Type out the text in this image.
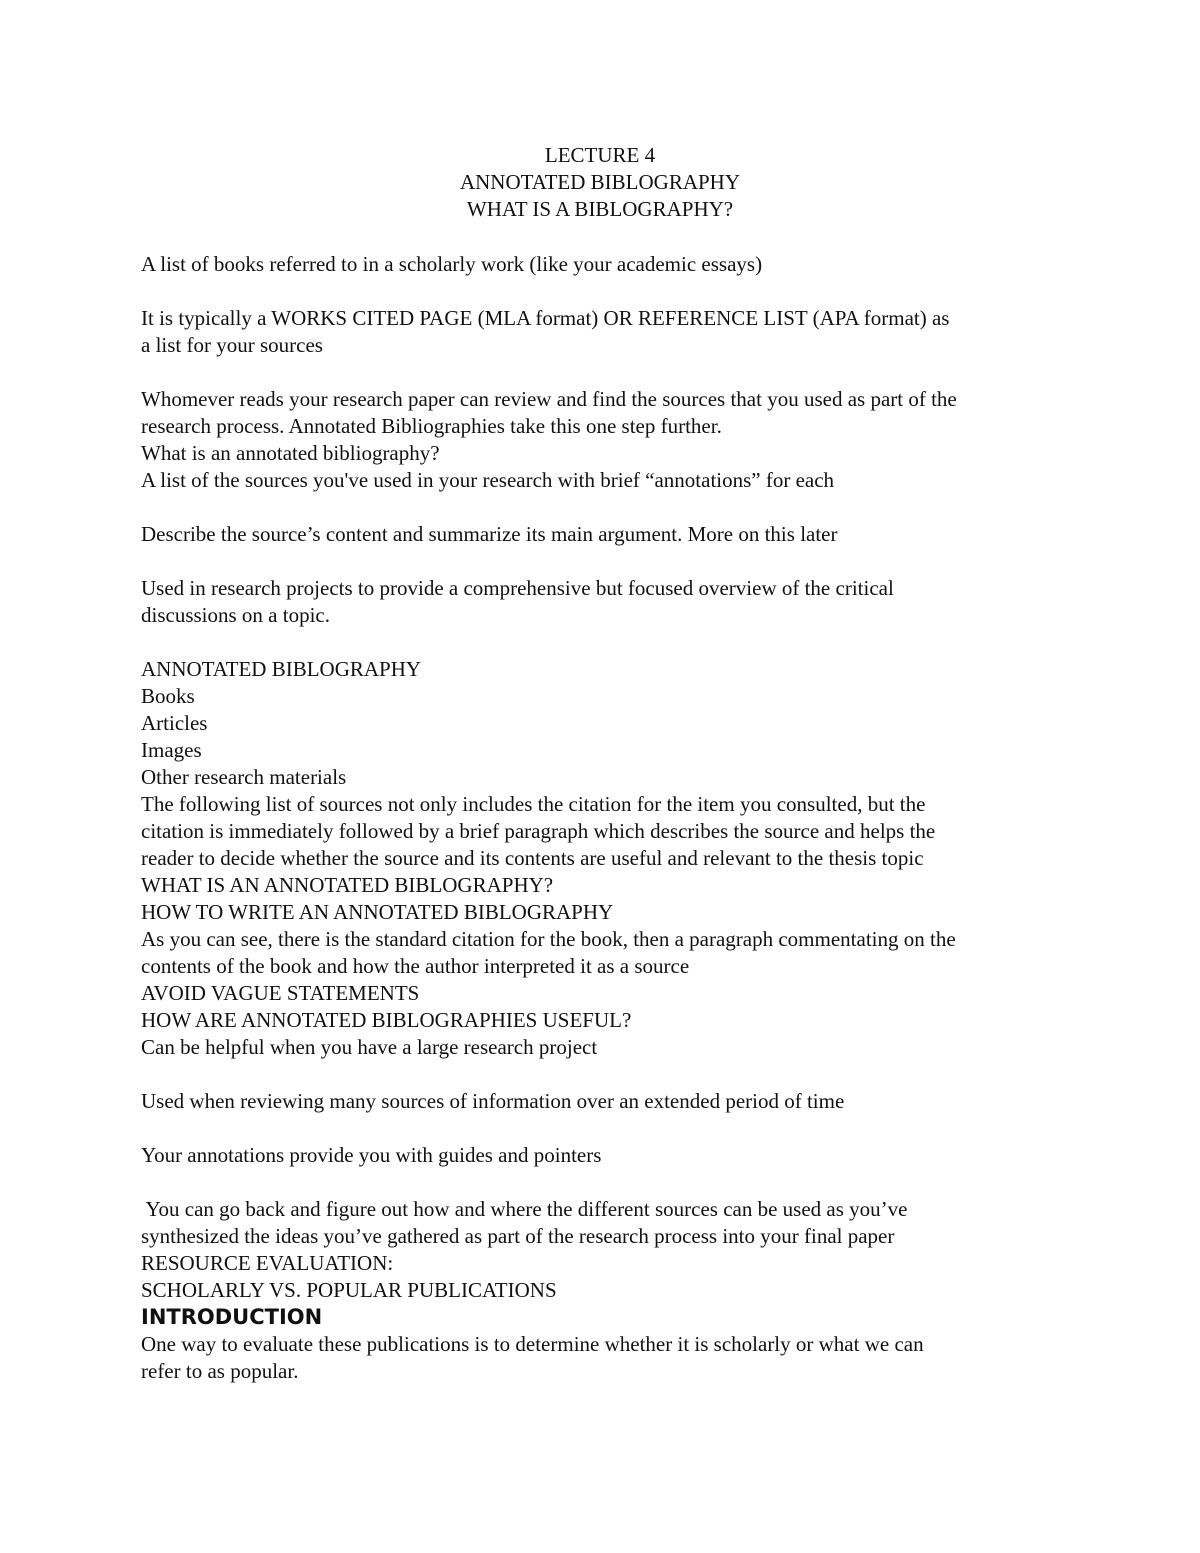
LECTURE 4
ANNOTATED BIBLOGRAPHY
WHAT IS A BIBLOGRAPHY?

A list of books referred to in a scholarly work (like your academic essays)

It is typically a WORKS CITED PAGE (MLA format) OR REFERENCE LIST (APA format) as

a list for your sources

Whomever reads your research paper can review and find the sources that you used as part of the

research process. Annotated Bibliographies take this one step further.

What is an annotated bibliography?

A list of the sources you've used in your research with brief “annotations” for each

Describe the source’s content and summarize its main argument. More on this later

Used in research projects to provide a comprehensive but focused overview of the critical

discussions on a topic.

ANNOTATED BIBLOGRAPHY

Books

Articles

Images

Other research materials

The following list of sources not only includes the citation for the item you consulted, but the

citation is immediately followed by a brief paragraph which describes the source and helps the

reader to decide whether the source and its contents are useful and relevant to the thesis topic

WHAT IS AN ANNOTATED BIBLOGRAPHY?

HOW TO WRITE AN ANNOTATED BIBLOGRAPHY

As you can see, there is the standard citation for the book, then a paragraph commentating on the

contents of the book and how the author interpreted it as a source

AVOID VAGUE STATEMENTS

HOW ARE ANNOTATED BIBLOGRAPHIES USEFUL?

Can be helpful when you have a large research project

Used when reviewing many sources of information over an extended period of time

Your annotations provide you with guides and pointers

You can go back and figure out how and where the different sources can be used as you’ve

synthesized the ideas you’ve gathered as part of the research process into your final paper

RESOURCE EVALUATION:

SCHOLARLY VS. POPULAR PUBLICATIONS

INTRODUCTION

One way to evaluate these publications is to determine whether it is scholarly or what we can

refer to as popular.
